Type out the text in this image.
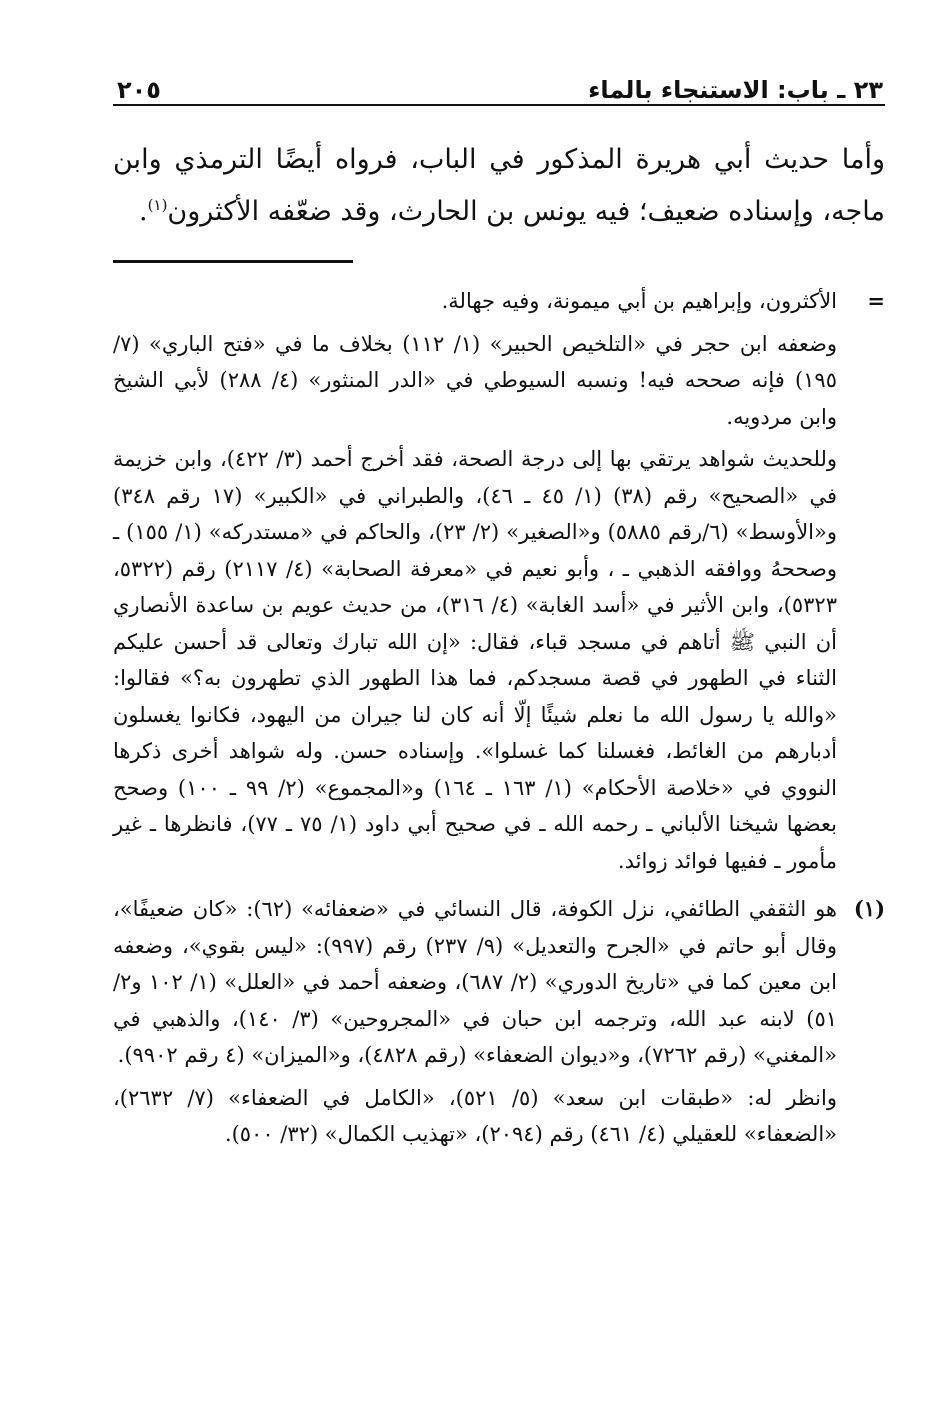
٢٣ ـ باب: الاستنجاء بالماء
٢٠٥
وأما حديث أبي هريرة المذكور في الباب، فرواه أيضًا الترمذي وابن ماجه، وإسناده ضعيف؛ فيه يونس بن الحارث، وقد ضعّفه الأكثرون$^{(١)}$.
=

الأكثرون، وإبراهيم بن أبي ميمونة، وفيه جهالة.

وضعفه ابن حجر في «التلخيص الحبير» (١/ ١١٢) بخلاف ما في «فتح الباري» (٧/ ١٩٥) فإنه صححه فيه! ونسبه السيوطي في «الدر المنثور» (٤/ ٢٨٨) لأبي الشيخ وابن مردويه.

وللحديث شواهد يرتقي بها إلى درجة الصحة، فقد أخرج أحمد (٣/ ٤٢٢)، وابن خزيمة في «الصحيح» رقم (٣٨) (١/ ٤٥ ـ ٤٦)، والطبراني في «الكبير» (١٧ رقم ٣٤٨) و«الأوسط» (٦/رقم ٥٨٨٥) و«الصغير» (٢/ ٢٣)، والحاكم في «مستدركه» (١/ ١٥٥) ـ وصححهُ ووافقه الذهبي ـ ، وأبو نعيم في «معرفة الصحابة» (٤/ ٢١١٧) رقم (٥٣٢٢، ٥٣٢٣)، وابن الأثير في «أسد الغابة» (٤/ ٣١٦)، من حديث عويم بن ساعدة الأنصاري أن النبي ﷺ أتاهم في مسجد قباء، فقال: «إن الله تبارك وتعالى قد أحسن عليكم الثناء في الطهور في قصة مسجدكم، فما هذا الطهور الذي تطهرون به؟» فقالوا: «والله يا رسول الله ما نعلم شيئًا إلّا أنه كان لنا جيران من اليهود، فكانوا يغسلون أدبارهم من الغائط، فغسلنا كما غسلوا». وإسناده حسن. وله شواهد أخرى ذكرها النووي في «خلاصة الأحكام» (١/ ١٦٣ ـ ١٦٤) و«المجموع» (٢/ ٩٩ ـ ١٠٠) وصحح بعضها شيخنا الألباني ـ رحمه الله ـ في صحيح أبي داود (١/ ٧٥ ـ ٧٧)، فانظرها ـ غير مأمور ـ ففيها فوائد زوائد.

(١)

هو الثقفي الطائفي، نزل الكوفة، قال النسائي في «ضعفائه» (٦٢): «كان ضعيفًا»، وقال أبو حاتم في «الجرح والتعديل» (٩/ ٢٣٧) رقم (٩٩٧): «ليس بقوي»، وضعفه ابن معين كما في «تاريخ الدوري» (٢/ ٦٨٧)، وضعفه أحمد في «العلل» (١/ ١٠٢ و٢/ ٥١) لابنه عبد الله، وترجمه ابن حبان في «المجروحين» (٣/ ١٤٠)، والذهبي في «المغني» (رقم ٧٢٦٢)، و«ديوان الضعفاء» (رقم ٤٨٢٨)، و«الميزان» (٤ رقم ٩٩٠٢).

وانظر له: «طبقات ابن سعد» (٥/ ٥٢١)، «الكامل في الضعفاء» (٧/ ٢٦٣٢)، «الضعفاء» للعقيلي (٤/ ٤٦١) رقم (٢٠٩٤)، «تهذيب الكمال» (٣٢/ ٥٠٠).
